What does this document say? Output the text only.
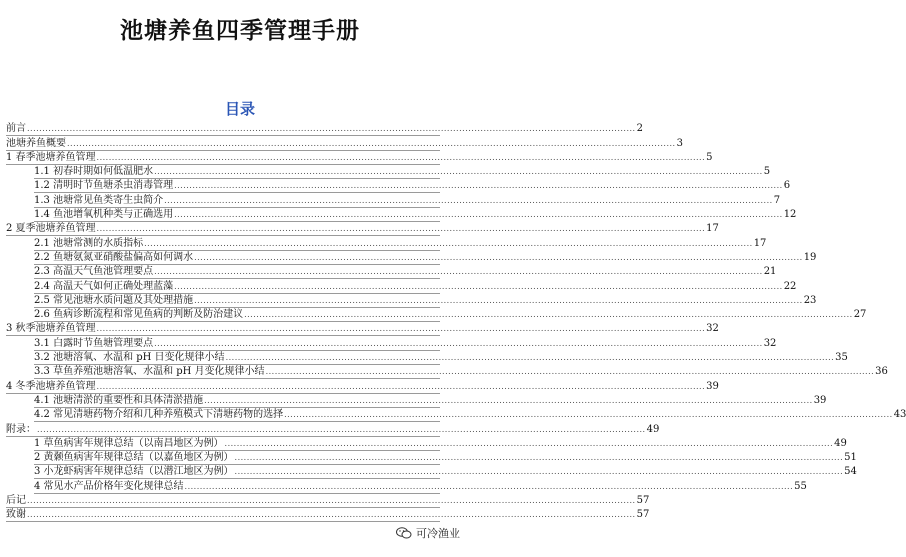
池塘养鱼四季管理手册
目录
前言 ........................................................................................................................................................................................................ 2
池塘养鱼概要 ........................................................................................................................................................................................................ 3
1 春季池塘养鱼管理 ........................................................................................................................................................................................................ 5
1.1 初春时期如何低温肥水 ........................................................................................................................................................................................................ 5
1.2 清明时节鱼塘杀虫消毒管理 ........................................................................................................................................................................................................ 6
1.3 池塘常见鱼类寄生虫简介 ........................................................................................................................................................................................................ 7
1.4 鱼池增氧机种类与正确选用 ........................................................................................................................................................................................................ 12
2 夏季池塘养鱼管理 ........................................................................................................................................................................................................ 17
2.1 池塘常测的水质指标 ........................................................................................................................................................................................................ 17
2.2 鱼塘氨氮亚硝酸盐偏高如何调水 ........................................................................................................................................................................................................ 19
2.3 高温天气鱼池管理要点 ........................................................................................................................................................................................................ 21
2.4 高温天气如何正确处理蓝藻 ........................................................................................................................................................................................................ 22
2.5 常见池塘水质问题及其处理措施 ........................................................................................................................................................................................................ 23
2.6 鱼病诊断流程和常见鱼病的判断及防治建议 ........................................................................................................................................................................................................ 27
3 秋季池塘养鱼管理 ........................................................................................................................................................................................................ 32
3.1 白露时节鱼塘管理要点 ........................................................................................................................................................................................................ 32
3.2 池塘溶氧、水温和 pH 日变化规律小结 ........................................................................................................................................................................................................ 35
3.3 草鱼养殖池塘溶氧、水温和 pH 月变化规律小结 ........................................................................................................................................................................................................ 36
4 冬季池塘养鱼管理 ........................................................................................................................................................................................................ 39
4.1 池塘清淤的重要性和具体清淤措施 ........................................................................................................................................................................................................ 39
4.2 常见清塘药物介绍和几种养殖模式下清塘药物的选择 ........................................................................................................................................................................................................ 43
附录： ........................................................................................................................................................................................................ 49
1 草鱼病害年规律总结（以南昌地区为例） ........................................................................................................................................................................................................ 49
2 黄颡鱼病害年规律总结（以嘉鱼地区为例） ........................................................................................................................................................................................................ 51
3 小龙虾病害年规律总结（以潜江地区为例） ........................................................................................................................................................................................................ 54
4 常见水产品价格年变化规律总结 ........................................................................................................................................................................................................ 55
后记 ........................................................................................................................................................................................................ 57
致谢 ........................................................................................................................................................................................................ 57
可冷渔业
